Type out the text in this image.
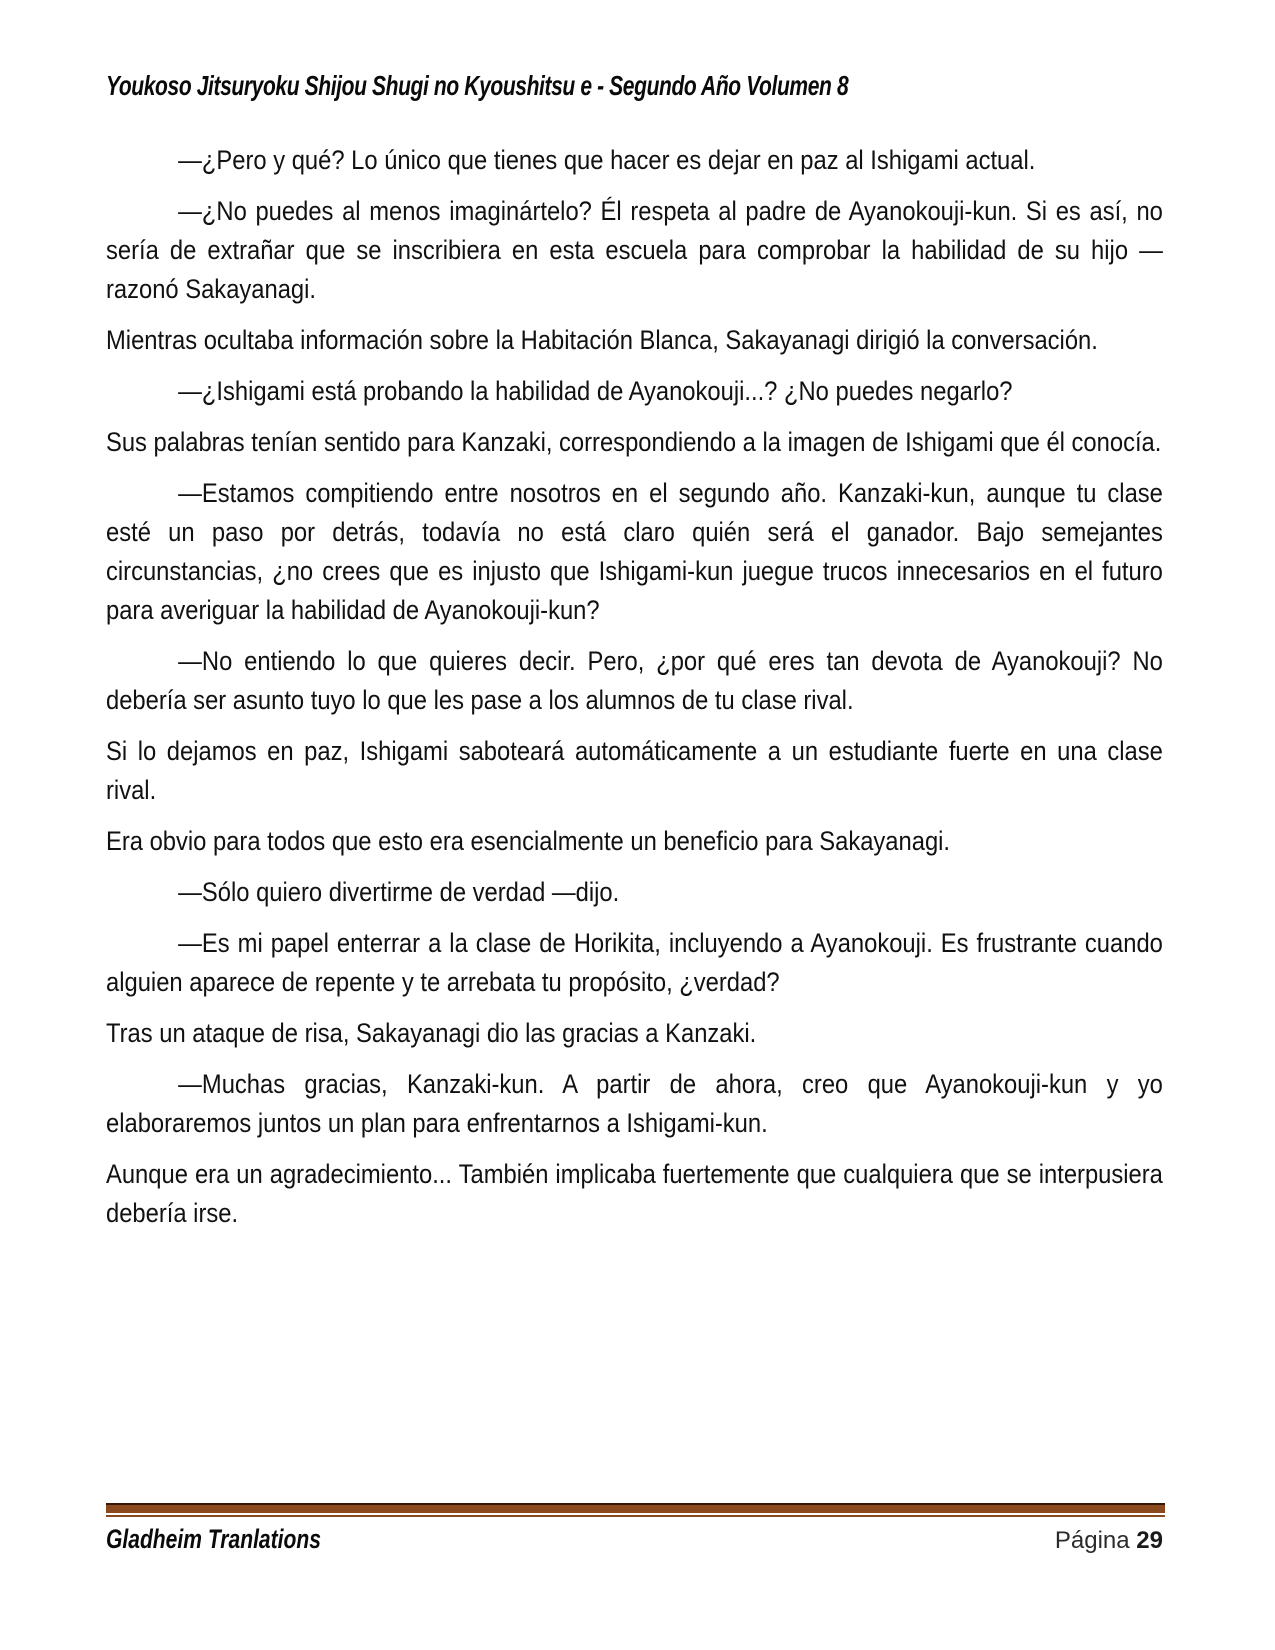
Youkoso Jitsuryoku Shijou Shugi no Kyoushitsu e - Segundo Año Volumen 8

—¿Pero y qué? Lo único que tienes que hacer es dejar en paz al Ishigami actual.

—¿No puedes al menos imaginártelo? Él respeta al padre de Ayanokouji-kun. Si es así, no sería de extrañar que se inscribiera en esta escuela para comprobar la habilidad de su hijo —razonó Sakayanagi.

Mientras ocultaba información sobre la Habitación Blanca, Sakayanagi dirigió la conversación.

—¿Ishigami está probando la habilidad de Ayanokouji...? ¿No puedes negarlo?

Sus palabras tenían sentido para Kanzaki, correspondiendo a la imagen de Ishigami que él conocía.

—Estamos compitiendo entre nosotros en el segundo año. Kanzaki-kun, aunque tu clase esté un paso por detrás, todavía no está claro quién será el ganador. Bajo semejantes circunstancias, ¿no crees que es injusto que Ishigami-kun juegue trucos innecesarios en el futuro para averiguar la habilidad de Ayanokouji-kun?

—No entiendo lo que quieres decir. Pero, ¿por qué eres tan devota de Ayanokouji? No debería ser asunto tuyo lo que les pase a los alumnos de tu clase rival.

Si lo dejamos en paz, Ishigami saboteará automáticamente a un estudiante fuerte en una clase rival.

Era obvio para todos que esto era esencialmente un beneficio para Sakayanagi.

—Sólo quiero divertirme de verdad —dijo.

—Es mi papel enterrar a la clase de Horikita, incluyendo a Ayanokouji. Es frustrante cuando alguien aparece de repente y te arrebata tu propósito, ¿verdad?

Tras un ataque de risa, Sakayanagi dio las gracias a Kanzaki.

—Muchas gracias, Kanzaki-kun. A partir de ahora, creo que Ayanokouji-kun y yo elaboraremos juntos un plan para enfrentarnos a Ishigami-kun.

Aunque era un agradecimiento... También implicaba fuertemente que cualquiera que se interpusiera debería irse.

Gladheim Tranlations	Página 29
